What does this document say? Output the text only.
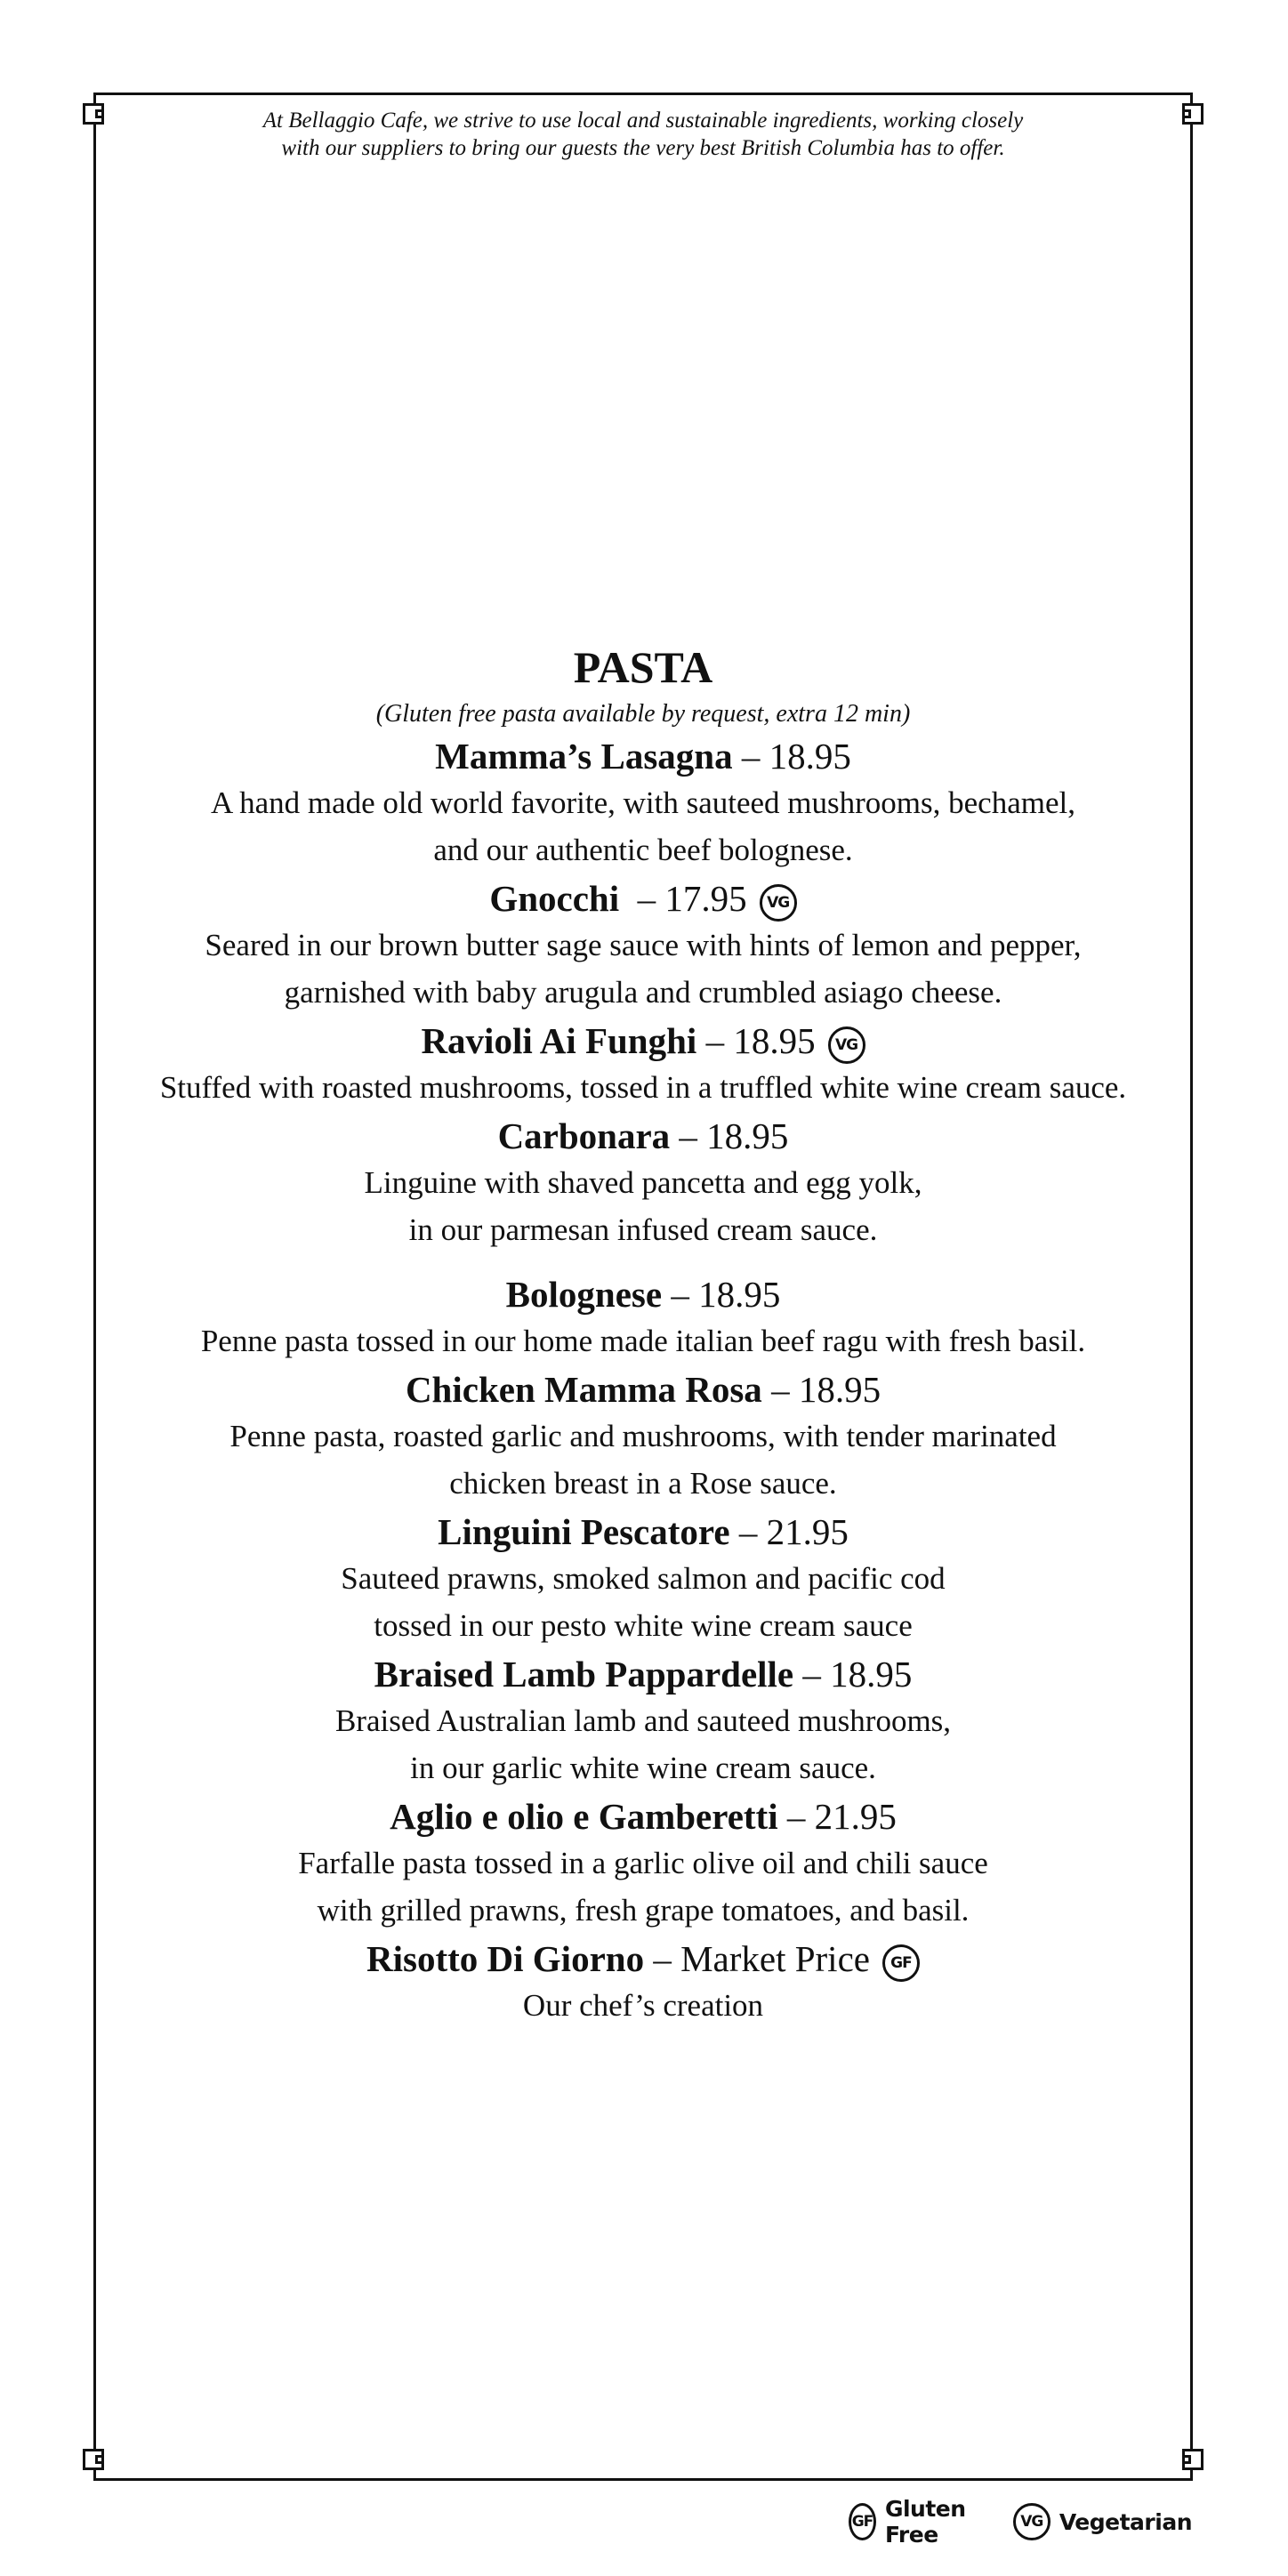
At Bellaggio Cafe, we strive to use local and sustainable ingredients, working closely
with our suppliers to bring our guests the very best British Columbia has to offer.
PASTA

(Gluten free pasta available by request, extra 12 min)

Mamma’s Lasagna – 18.95

A hand made old world favorite, with sauteed mushrooms, bechamel,

and our authentic beef bolognese.

Gnocchi  – 17.95 VG

Seared in our brown butter sage sauce with hints of lemon and pepper,

garnished with baby arugula and crumbled asiago cheese.

Ravioli Ai Funghi – 18.95 VG

Stuffed with roasted mushrooms, tossed in a truffled white wine cream sauce.

Carbonara – 18.95

Linguine with shaved pancetta and egg yolk,

in our parmesan infused cream sauce.

Bolognese – 18.95

Penne pasta tossed in our home made italian beef ragu with fresh basil.

Chicken Mamma Rosa – 18.95

Penne pasta, roasted garlic and mushrooms, with tender marinated

chicken breast in a Rose sauce.

Linguini Pescatore – 21.95

Sauteed prawns, smoked salmon and pacific cod

tossed in our pesto white wine cream sauce

Braised Lamb Pappardelle – 18.95

Braised Australian lamb and sauteed mushrooms,

in our garlic white wine cream sauce.

Aglio e olio e Gamberetti – 21.95

Farfalle pasta tossed in a garlic olive oil and chili sauce

with grilled prawns, fresh grape tomatoes, and basil.

Risotto Di Giorno – Market Price GF

Our chef’s creation

GF Gluten Free	VG Vegetarian
